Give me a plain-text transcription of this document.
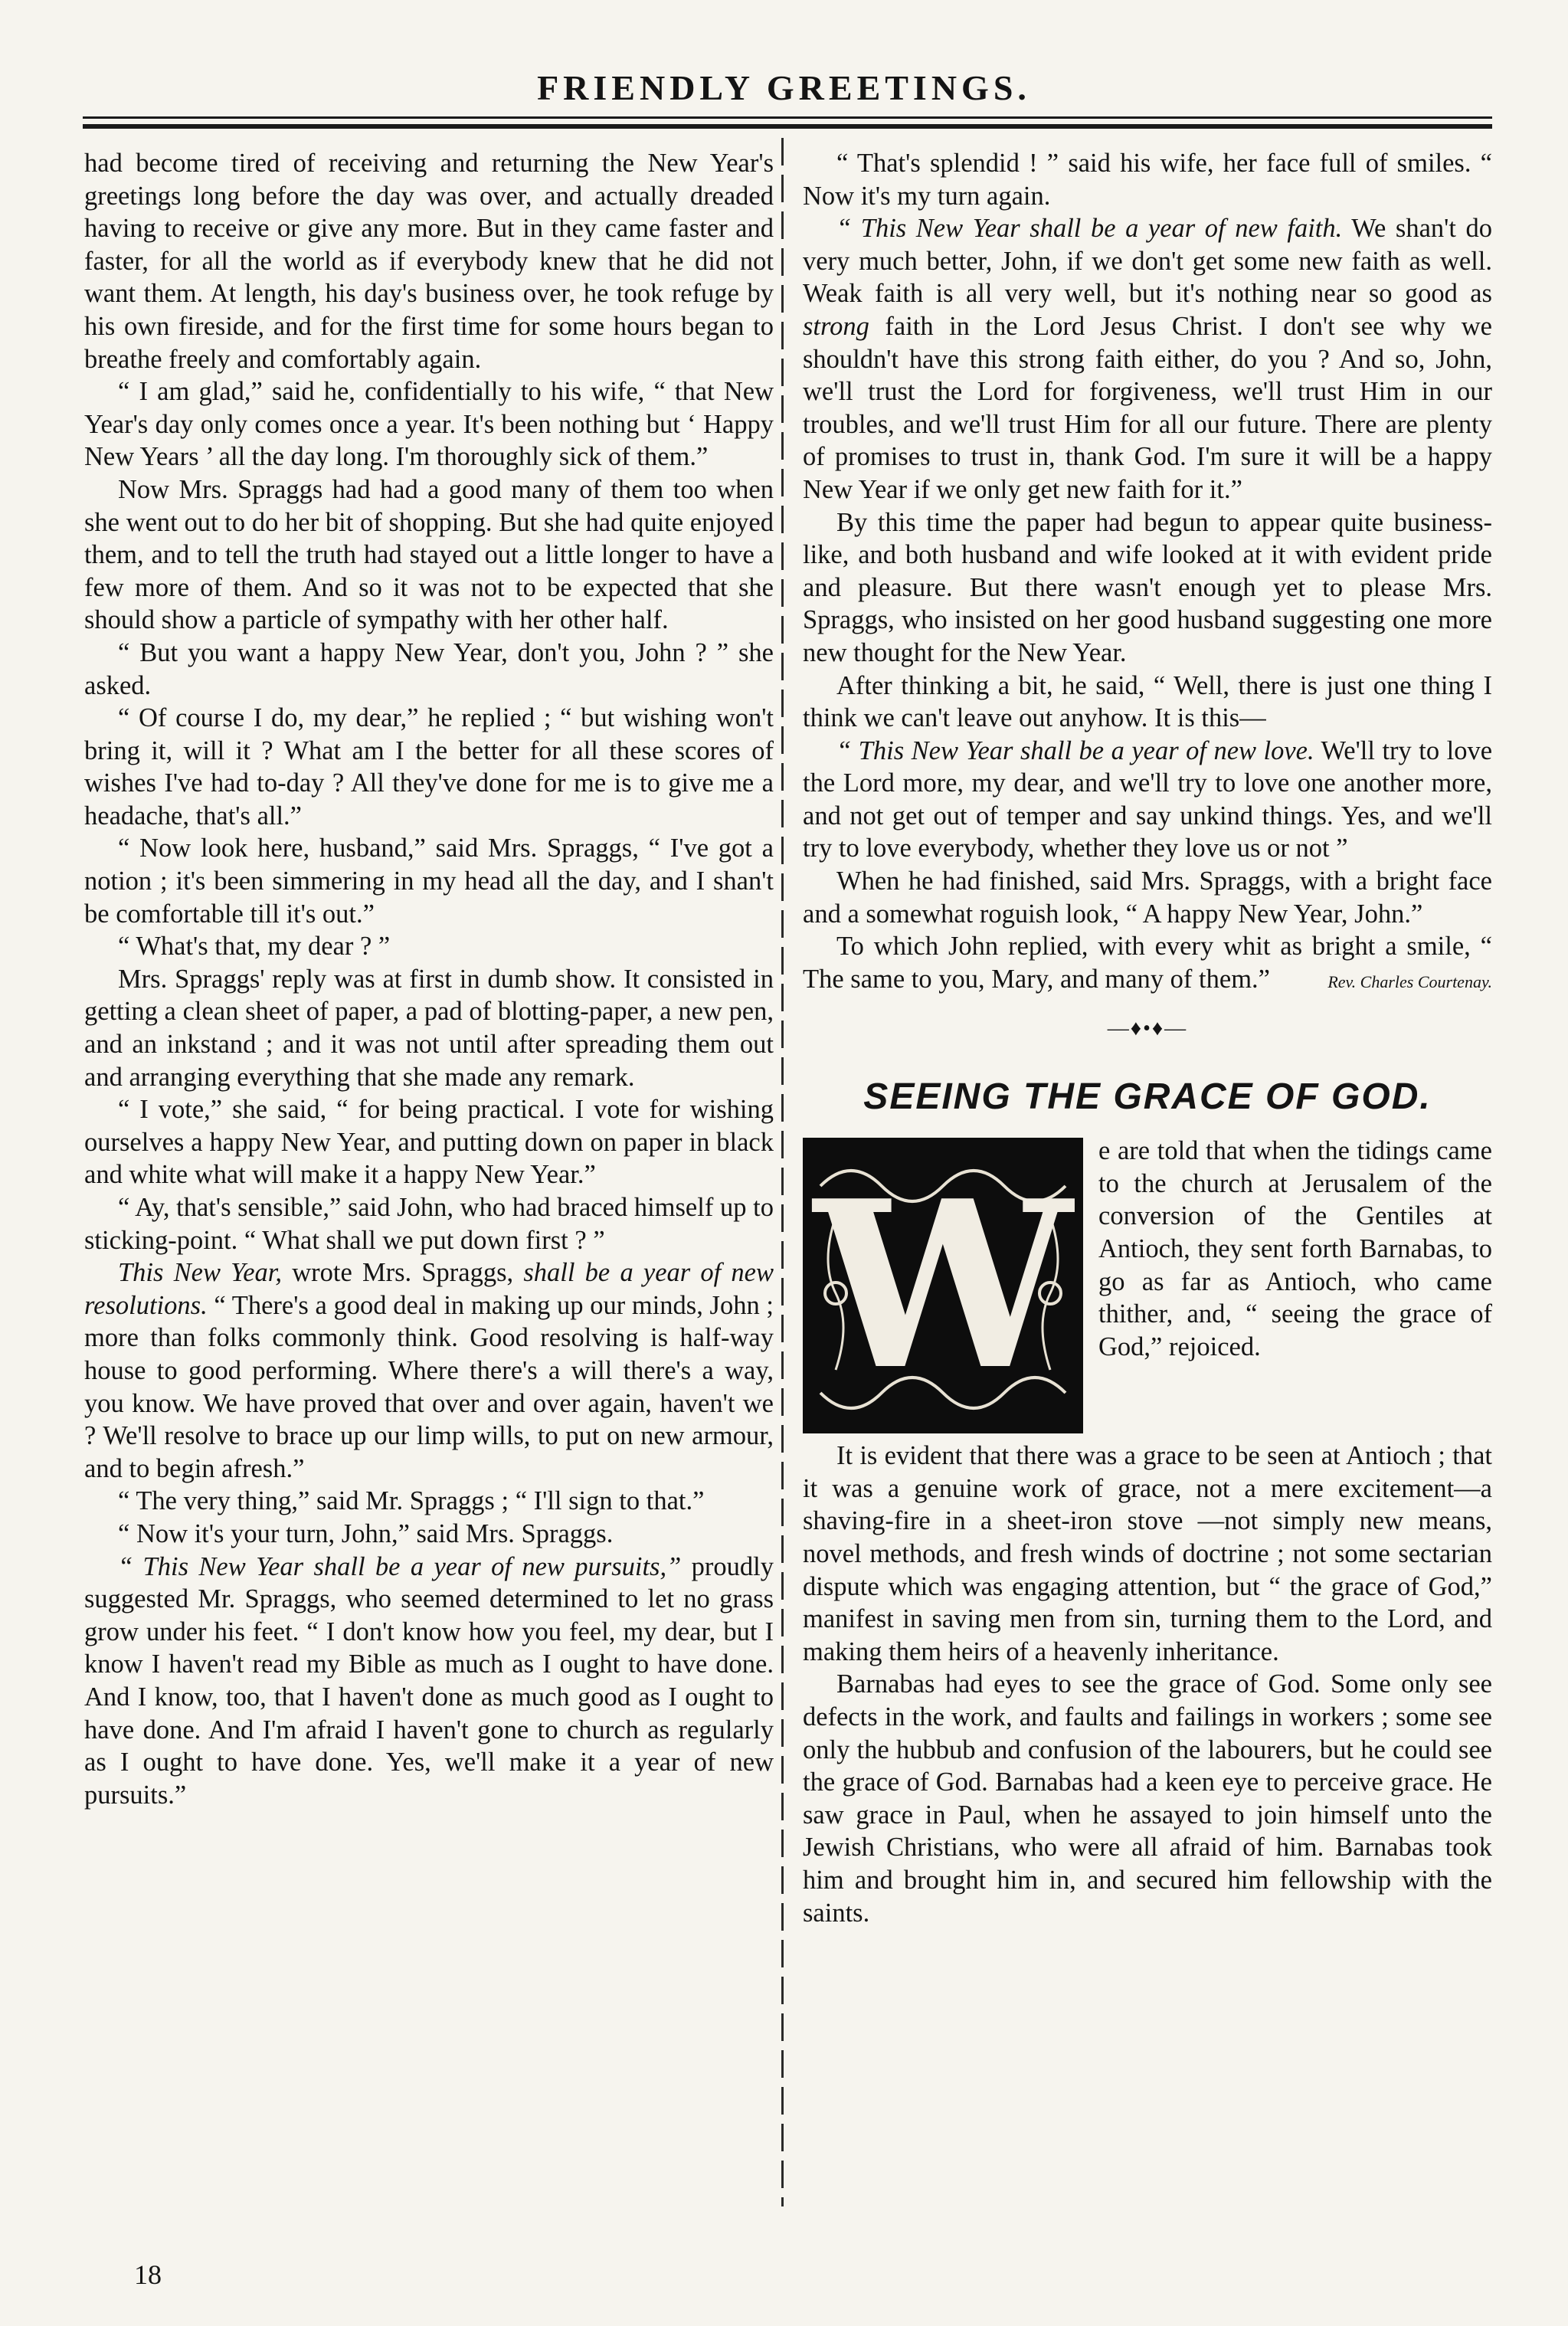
FRIENDLY GREETINGS.

had become tired of receiving and returning the New Year's greetings long before the day was over, and actually dreaded having to receive or give any more. But in they came faster and faster, for all the world as if everybody knew that he did not want them. At length, his day's business over, he took refuge by his own fireside, and for the first time for some hours began to breathe freely and comfortably again.

“ I am glad,” said he, confidentially to his wife, “ that New Year's day only comes once a year. It's been nothing but ‘ Happy New Years ’ all the day long. I'm thoroughly sick of them.”

Now Mrs. Spraggs had had a good many of them too when she went out to do her bit of shopping. But she had quite enjoyed them, and to tell the truth had stayed out a little longer to have a few more of them. And so it was not to be expected that she should show a particle of sympathy with her other half.

“ But you want a happy New Year, don't you, John ? ” she asked.

“ Of course I do, my dear,” he replied ; “ but wishing won't bring it, will it ? What am I the better for all these scores of wishes I've had to-day ? All they've done for me is to give me a headache, that's all.”

“ Now look here, husband,” said Mrs. Spraggs, “ I've got a notion ; it's been simmering in my head all the day, and I shan't be comfortable till it's out.”

“ What's that, my dear ? ”

Mrs. Spraggs' reply was at first in dumb show. It consisted in getting a clean sheet of paper, a pad of blotting-paper, a new pen, and an inkstand ; and it was not until after spreading them out and arranging everything that she made any remark.

“ I vote,” she said, “ for being practical. I vote for wishing ourselves a happy New Year, and putting down on paper in black and white what will make it a happy New Year.”

“ Ay, that's sensible,” said John, who had braced himself up to sticking-point. “ What shall we put down first ? ”

This New Year, wrote Mrs. Spraggs, shall be a year of new resolutions. “ There's a good deal in making up our minds, John ; more than folks commonly think. Good resolving is half-way house to good performing. Where there's a will there's a way, you know. We have proved that over and over again, haven't we ? We'll resolve to brace up our limp wills, to put on new armour, and to begin afresh.”

“ The very thing,” said Mr. Spraggs ; “ I'll sign to that.”

“ Now it's your turn, John,” said Mrs. Spraggs.

“ This New Year shall be a year of new pursuits,” proudly suggested Mr. Spraggs, who seemed determined to let no grass grow under his feet. “ I don't know how you feel, my dear, but I know I haven't read my Bible as much as I ought to have done. And I know, too, that I haven't done as much good as I ought to have done. And I'm afraid I haven't gone to church as regularly as I ought to have done. Yes, we'll make it a year of new pursuits.”

“ That's splendid ! ” said his wife, her face full of smiles. “ Now it's my turn again.

“ This New Year shall be a year of new faith. We shan't do very much better, John, if we don't get some new faith as well. Weak faith is all very well, but it's nothing near so good as strong faith in the Lord Jesus Christ. I don't see why we shouldn't have this strong faith either, do you ? And so, John, we'll trust the Lord for forgiveness, we'll trust Him in our troubles, and we'll trust Him for all our future. There are plenty of promises to trust in, thank God. I'm sure it will be a happy New Year if we only get new faith for it.”

By this time the paper had begun to appear quite business-like, and both husband and wife looked at it with evident pride and pleasure. But there wasn't enough yet to please Mrs. Spraggs, who insisted on her good husband suggesting one more new thought for the New Year.

After thinking a bit, he said, “ Well, there is just one thing I think we can't leave out anyhow. It is this—

“ This New Year shall be a year of new love. We'll try to love the Lord more, my dear, and we'll try to love one another more, and not get out of temper and say unkind things. Yes, and we'll try to love everybody, whether they love us or not ”

When he had finished, said Mrs. Spraggs, with a bright face and a somewhat roguish look, “ A happy New Year, John.”

To which John replied, with every whit as bright a smile, “ The same to you, Mary, and many of them.”	Rev. Charles Courtenay.
—♦•♦—
SEEING THE GRACE OF GOD.
W	e are told that when the tidings came to the church at Jerusalem of the conversion of the Gentiles at Antioch, they sent forth Barnabas, to go as far as Antioch, who came thither, and, “ seeing the grace of God,” rejoiced.

It is evident that there was a grace to be seen at Antioch ; that it was a genuine work of grace, not a mere excitement—a shaving-fire in a sheet-iron stove —not simply new means, novel methods, and fresh winds of doctrine ; not some sectarian dispute which was engaging attention, but “ the grace of God,” manifest in saving men from sin, turning them to the Lord, and making them heirs of a heavenly inheritance.

Barnabas had eyes to see the grace of God. Some only see defects in the work, and faults and failings in workers ; some see only the hubbub and confusion of the labourers, but he could see the grace of God. Barnabas had a keen eye to perceive grace. He saw grace in Paul, when he assayed to join himself unto the Jewish Christians, who were all afraid of him. Barnabas took him and brought him in, and secured him fellowship with the saints.

18
